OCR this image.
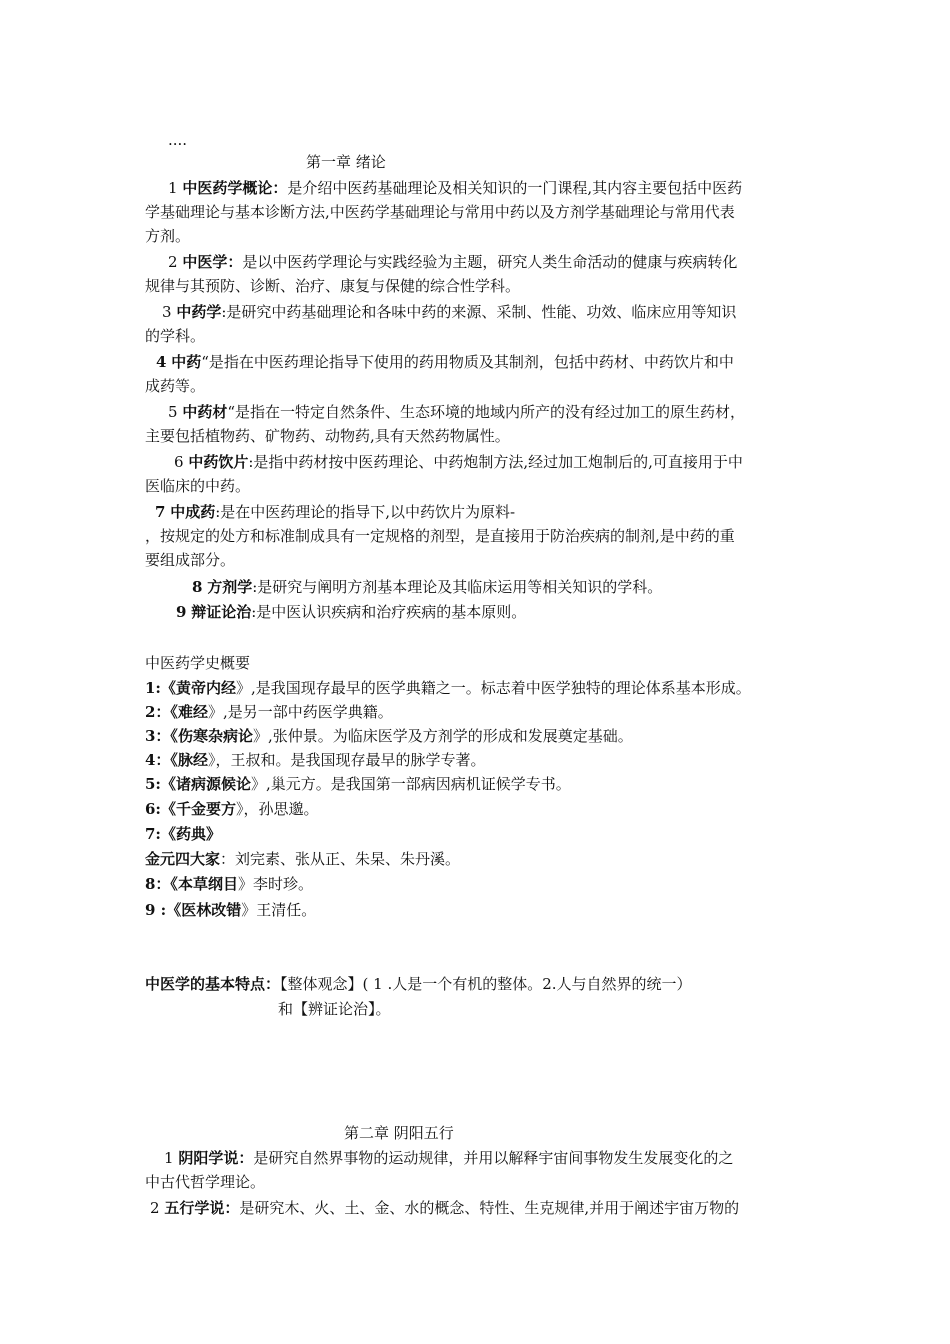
....
第一章 绪论
1 中医药学概论：是介绍中医药基础理论及相关知识的一门课程,其内容主要包括中医药
学基础理论与基本诊断方法,中医药学基础理论与常用中药以及方剂学基础理论与常用代表
方剂。
2 中医学：是以中医药学理论与实践经验为主题，研究人类生命活动的健康与疾病转化
规律与其预防、诊断、治疗、康复与保健的综合性学科。
3 中药学:是研究中药基础理论和各味中药的来源、采制、性能、功效、临床应用等知识
的学科。
4 中药“是指在中医药理论指导下使用的药用物质及其制剂，包括中药材、中药饮片和中
成药等。
5 中药材“是指在一特定自然条件、生态环境的地域内所产的没有经过加工的原生药材，
主要包括植物药、矿物药、动物药,具有天然药物属性。
6 中药饮片:是指中药材按中医药理论、中药炮制方法,经过加工炮制后的,可直接用于中
医临床的中药。
7 中成药:是在中医药理论的指导下,以中药饮片为原料-
，按规定的处方和标准制成具有一定规格的剂型，是直接用于防治疾病的制剂,是中药的重
要组成部分。
8 方剂学:是研究与阐明方剂基本理论及其临床运用等相关知识的学科。
9 辩证论治:是中医认识疾病和治疗疾病的基本原则。
中医药学史概要
1:《黄帝内经》,是我国现存最早的医学典籍之一。标志着中医学独特的理论体系基本形成。
2：《难经》,是另一部中药医学典籍。
3：《伤寒杂病论》,张仲景。为临床医学及方剂学的形成和发展奠定基础。
4：《脉经》，王叔和。是我国现存最早的脉学专著。
5:《诸病源候论》,巢元方。是我国第一部病因病机证候学专书。
6:《千金要方》，孙思邈。
7:《药典》
金元四大家：刘完素、张从正、朱杲、朱丹溪。
8：《本草纲目》李时珍。
9 :《医林改错》王清任。
中医学的基本特点：【整体观念】( 1 .人是一个有机的整体。2.人与自然界的统一）
和【辨证论治】。
第二章 阴阳五行
1 阴阳学说：是研究自然界事物的运动规律，并用以解释宇宙间事物发生发展变化的之
中古代哲学理论。
2 五行学说：是研究木、火、土、金、水的概念、特性、生克规律,并用于阐述宇宙万物的
